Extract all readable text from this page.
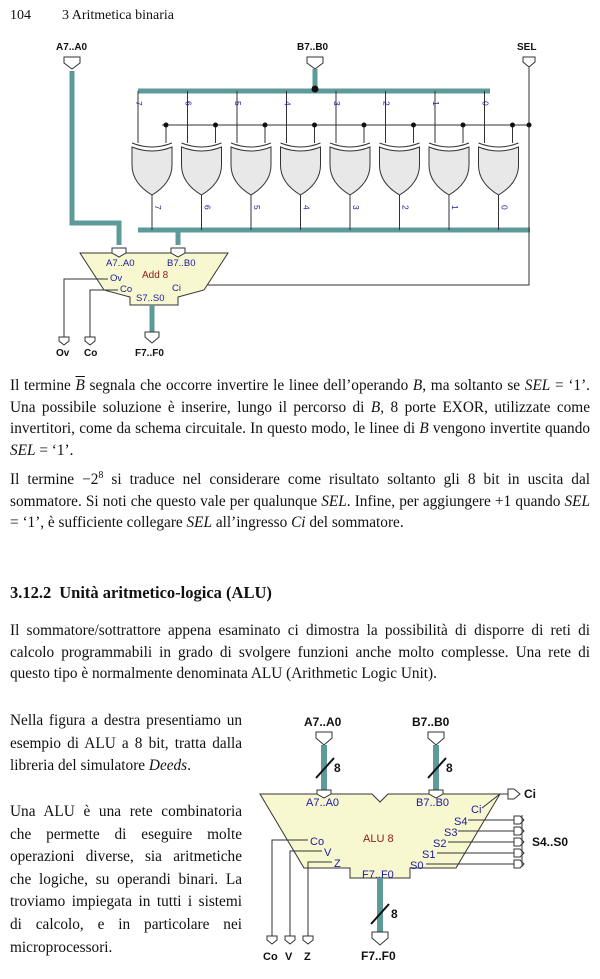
104 3 Aritmetica binaria
A7..A0	B7..B0	SEL
7
7
6
6
5
5
4
4
3
3
2
2
1
1
0
0
A7..A0	B7..B0
Add 8
Ov
Co	Ci
S7..S0
Ov Co	F7..F0

Il termine $\overline{B}$ segnala che occorre invertire le linee dell’operando B, ma soltanto se SEL = ‘1’. Una possibile soluzione è inserire, lungo il percorso di B, 8 porte EXOR, utilizzate come invertitori, come da schema circuitale. In questo modo, le linee di B vengono invertite quando SEL = ‘1’.

Il $termine -2^8$ si traduce nel considerare come risultato soltanto gli 8 bit in uscita dal sommatore. Si noti che questo vale per qualunque SEL. Infine, per aggiungere +1 quando SEL = ‘1’, è sufficiente collegare SEL all’ingresso Ci del sommatore.

3.12.2 Unità aritmetico-logica (ALU)

Il sommatore/sottrattore appena esaminato ci dimostra la possibilità di disporre di reti di calcolo programmabili in grado di svolgere funzioni anche molto complesse. Una rete di questo tipo è normalmente denominata ALU (Arithmetic Logic Unit).

Nella figura a destra presentiamo un esempio di ALU a 8 bit, tratta dalla libreria del simulatore Deeds.

Una ALU è una rete combinatoria che permette di eseguire molte operazioni diverse, sia aritmetiche che logiche, su operandi binari. La troviamo impiegata in tutti i sistemi di calcolo, e in particolare nei microprocessori.

A7..A0	B7..B0
8	8
A7..A0	B7..B0
ALU 8
Ci
S4
S3
S2
S1
S0
Co
V
Z
F7..F0
Ci
S4..S0
Co V Z
8
F7..F0
